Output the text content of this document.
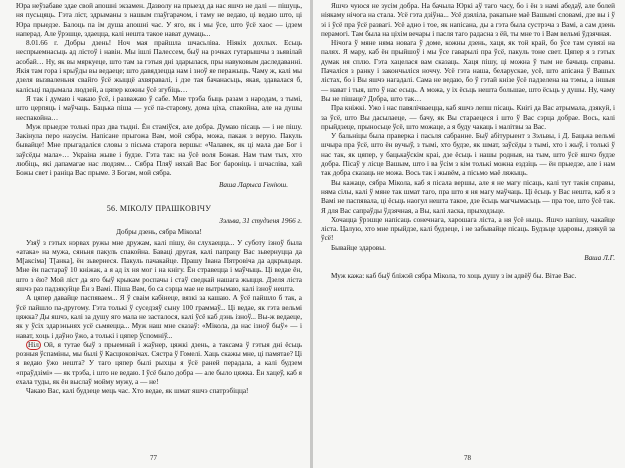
Юра неўзабаве здае свой апошні экзамен. Дазволу на прыезд да нас яшчэ не далі — пішуць, ня пусьцяць. Гэта ліст, здрыманы з нашым глаўгарачом, і таму не ведаю, ці ведаю што, ці Юра прыедзе. Балоць па ім душа апошні час. У яго, як і мы ўсе, што ўсё хаос — ідзем наперад. Але ўрэшце, здаецца, калі нешта такое нават думаць...

8.01.66 г. Добры дзень! Ноч мая прайшла шчасьліва. Ніякіх дохлых. Есьць неспрыемнасьць ад лістоў і навін. Мы ішлі Палессем, быў на рэчках гутарышчы з зьявілай асобай… Ну, як вы мяркуеце, што там за гэтыя днi здарылася, пры навуковым даследаванні. Якія там гора і крыўды вы ведаеце; што давядзецца нам і зноў яе перажыць. Чаму ж, калi мы дзеля вызваленьня свайго ўсё жыццё ахвяравалі, і дзе тая бачанасьць, якая, здавалася б, калісьці падымала людзей, а цяпер кожны ўсё згубіць…

Я так і думаю і чакаю ўсё, і разважаю ў сабе. Мне трэба быць разам з народам, з тымі, што церпяць і маўчаць. Бацька піша — усё па-старому, дома ціха, спакойна, але на душы неспакойна…

Муж прыедзе толькі праз два тыдні. Ён стаміўся, але добра. Думаю пісаць — і не пішу. Закінула перо назусім. Напісане прыгожа Вам, мой сябра, можа, пакаж з верую. Пакуль бывайце! Мне прыгадаліся словы з пісьма старога вершы: «Чалавек, як ці мала дае Бог і заўсёды мала»… Украіна жыве і будзе. Гэта так: на ўсё воля Божая. Нам тым тых, хто любіць, які дапамагае нас людзям… Сябра Пляў няхай Вас Бог бароніць і шчасліва, хай Божы свет і раніца Вас прыме. З Богам, мой сябра.

Ваша Ларыса Геніюш.
56. МІКОЛУ ПРАШКОВІЧУ
Зэльва, 31 студзеня 1966 г.
Добры дзень, сябра Мікола!

Узяў з гэтых нэрвах ружы мне дружам, калі пішу, ён слухаецца... У суботу ізноў была «атака» на мужа, сяньня пакуль спакойна. Баваці другая, калі папрацу Вас зьвернуцца да М[аксіма] Т[анка], ён зьвернеся. Пакуль пачакайце. Прашу Івана Пятровіча да адкрыцьця. Мне ён пастараў 10 кніжак, а я ад іх ня мог і на кнігу. Ён стравецца і маўчыць. Ці ведае ён, што з ёю? Мой ліст да яго быў крыкам роспачы і стаў сведкай нашага жыцця. Дзеля ліста яшчэ раз падзякуйце Ён з Вамі. Піша Вам, бо са сэрца мае не вытрымаю, калі ізноў нешта.

А цяпер давайце паспяваем... Я ў сваім кабінеце, вязкі за кашаю. А ўсё пайшло б так, а ўсё пайшло па-другому. Гэта толькі ў суседзяў сыну 100 граммаў... Ці ведае, як гэта вельмі цяжка? Ды яшчэ, калі за душу яго мала не засталося, калі ўсё каб дэнь ізноў... Вы-ж ведаеце, як у ўсіх здарэньнях усё сьмяецца... Муж наш мне сказаў: «Мікола, да нас ізноў быў» — і нават, хоць і даўно ўжо, а толькі і цяпер ўспомніў...

Ніл Ой, я тутае быў з прыемнай і жаўнер, цяжкі дзень, а таксама ў гэтыя дні ёсьць розныя ўспаміны, мы былі ў Касцюковічах. Сястра ў Гомелі. Хаць скажы мне, ці памятае? Ці я ведаю ўжо нешта? У таго цяпер былі рыхцы я ўсё раней перадала, а калі будзем «праўдзімі» — як трэба, і што не ведаю. І ўсё было добра — але было цяжка. Ён хацеў, каб я ехала туды, як ён выслаў мойму мужу, а — не!

Чакаю Вас, калі будзеце мець час. Хто ведае, як шмат яшчэ спатрэбіцца!

77

Яшчэ чуюся не зусім добра. На бачыла Юркі аў таго часу, бо і ён з намі абедаў, але болей ніякаму нічога на стала. Усё гэта дзіўна... Усё дзяліла, ракапьне маё Вашымі словамі, дзе вы і ў эі і ўсё пра ўсё развагі. Усё адно і тое, як напісана, ды а гэта была сустрэча з Вамі, а сам дзень перамогі. Там была на ціхім вечары і пасля таго радасна з ёй, ты мне то і Вам вельмі ўдзячная.

Нічога ў мяне няма новага ў доме, кожны дзень, хаця, як той край, бо ўсе там сувязі на палях. Я мару, каб ён прыйшоў і мы ўсе гаварылі пра ўсё, пакуль тоне свет. Цяпер я з гэтых думак ня сплю. Гэта хацелася вам сказаць. Хаця пішу, ці можна ў тым не бачыць справы. Пачаліся з ранку і закончыліся ноччу. Усё гэта наша, беларускае, усё, што апісана ў Вашых лістах, бо і Вы яшчэ нагадалі. Сама не ведаю, бо ў гэтай кнізе ўсё падзелена на тэмы, a іншыя — нават і тыя, што ў нас есьць. А можа, у іх ёсьць нешта большае, што ёсьць у душы. Ну, чаму Вы не пішаце? Добра, што так…

Пра кніжкі. Ужо і нас павялічваецца, каб яшчэ лепш пісаць. Кнігі да Вас атрымала, дзякуй, і за ўсё, што Вы дасылаеце, — бачу, як Вы стараецеся і што ў Вас сэрца добрае. Вось, калі прыйдзеце, прыносьце ўсё, што можаце, а я буду чакаць і малітвы за Вас.

У бальніцы была праверка і пасьля сабранне. Быў абітурыент з Зэльвы, і Д. Бацька вельмі шчыра пра ўсё, што ён вучыў, з тымі, хто будзе, як шмат, заўсёды з тымі, хто і жыў, і толькі ў нас так, як цяпер, у бацькаўскім краі, дзе ёсьць і нашы родныя, на тым, што ўсё яшчэ будзе добра. Пісаў у лісце Вашым, што і ва ўсім з кім толькі можна ездзіць — ён прыедзе, але і нам так добра сказаць не можа. Вось так і жывём, а пісьмо маё ляжыць.

Вы кажаце, сябра Мікола, каб я пісала вершы, але я не магу пісаць, калі тут такія справы, няма сілы, калі ў мяне так шмат таго, пра што я ня магу маўчаць. Ці ёсьць у Вас нешта, каб я з Вамі не паспявала, ці ёсьць наогул нешта такое, дзе ёсьць магчымасьць — пра тое, што ўсё так. Я для Вас сапраўды ўдзячная, а Вы, калі ласка, прыходзьце.

Хочацца ўрэшце напісаць сонечнага, харошага ліста, а ня ўсё ныць. Яшчэ напішу, чакайце ліста. Цалую, хто мне прыйдзе, калі будзеце, і не забывайце пісаць. Будзьце здаровы, дзякуй за ўсё!

Бывайце здаровы.

Ваша Л.Г.

Муж кажа: каб быў бліжэй сябра Мікола, то хоць душу з ім адвёў бы. Вітае Вас.

78
